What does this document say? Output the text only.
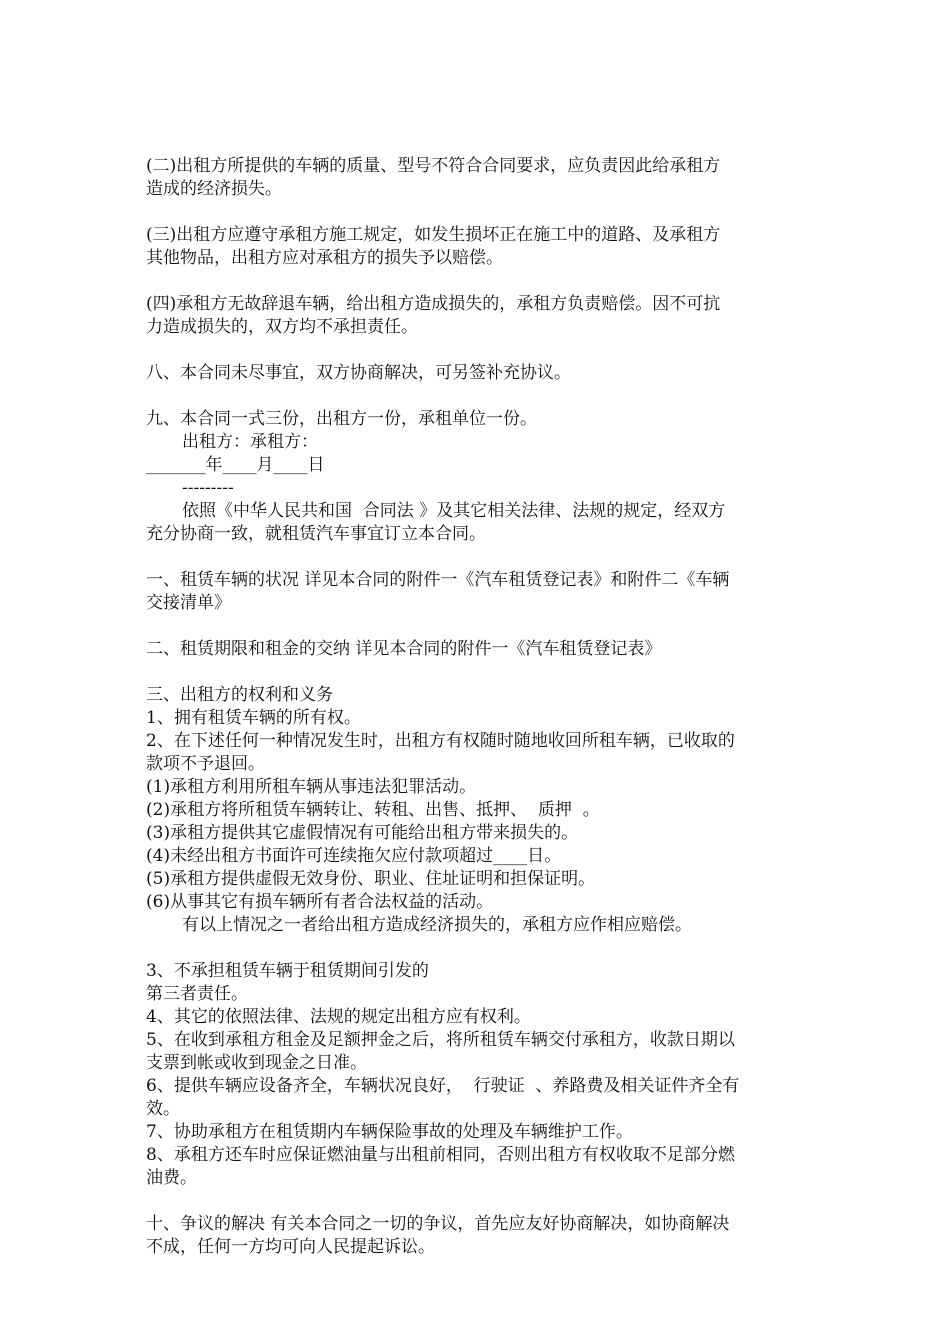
(二)出租方所提供的车辆的质量、型号不符合合同要求，应负责因此给承租方
造成的经济损失。
(三)出租方应遵守承租方施工规定，如发生损坏正在施工中的道路、及承租方
其他物品，出租方应对承租方的损失予以赔偿。
(四)承租方无故辞退车辆，给出租方造成损失的，承租方负责赔偿。因不可抗
力造成损失的，双方均不承担责任。
八、本合同未尽事宜，双方协商解决，可另签补充协议。
九、本合同一式三份，出租方一份，承租单位一份。
出租方：承租方：
_______年____月____日
---------
依照《中华人民共和国  合同法 》及其它相关法律、法规的规定，经双方
充分协商一致，就租赁汽车事宜订立本合同。
一、租赁车辆的状况 详见本合同的附件一《汽车租赁登记表》和附件二《车辆
交接清单》
二、租赁期限和租金的交纳 详见本合同的附件一《汽车租赁登记表》
三、出租方的权利和义务
1、拥有租赁车辆的所有权。
2、在下述任何一种情况发生时，出租方有权随时随地收回所租车辆，已收取的
款项不予退回。
(1)承租方利用所租车辆从事违法犯罪活动。
(2)承租方将所租赁车辆转让、转租、出售、抵押、  质押  。
(3)承租方提供其它虚假情况有可能给出租方带来损失的。
(4)未经出租方书面许可连续拖欠应付款项超过____日。
(5)承租方提供虚假无效身份、职业、住址证明和担保证明。
(6)从事其它有损车辆所有者合法权益的活动。
有以上情况之一者给出租方造成经济损失的，承租方应作相应赔偿。
3、不承担租赁车辆于租赁期间引发的
第三者责任。
4、其它的依照法律、法规的规定出租方应有权利。
5、在收到承租方租金及足额押金之后，将所租赁车辆交付承租方，收款日期以
支票到帐或收到现金之日准。
6、提供车辆应设备齐全，车辆状况良好，  行驶证  、养路费及相关证件齐全有
效。
7、协助承租方在租赁期内车辆保险事故的处理及车辆维护工作。
8、承租方还车时应保证燃油量与出租前相同，否则出租方有权收取不足部分燃
油费。
十、争议的解决 有关本合同之一切的争议，首先应友好协商解决，如协商解决
不成，任何一方均可向人民提起诉讼。
